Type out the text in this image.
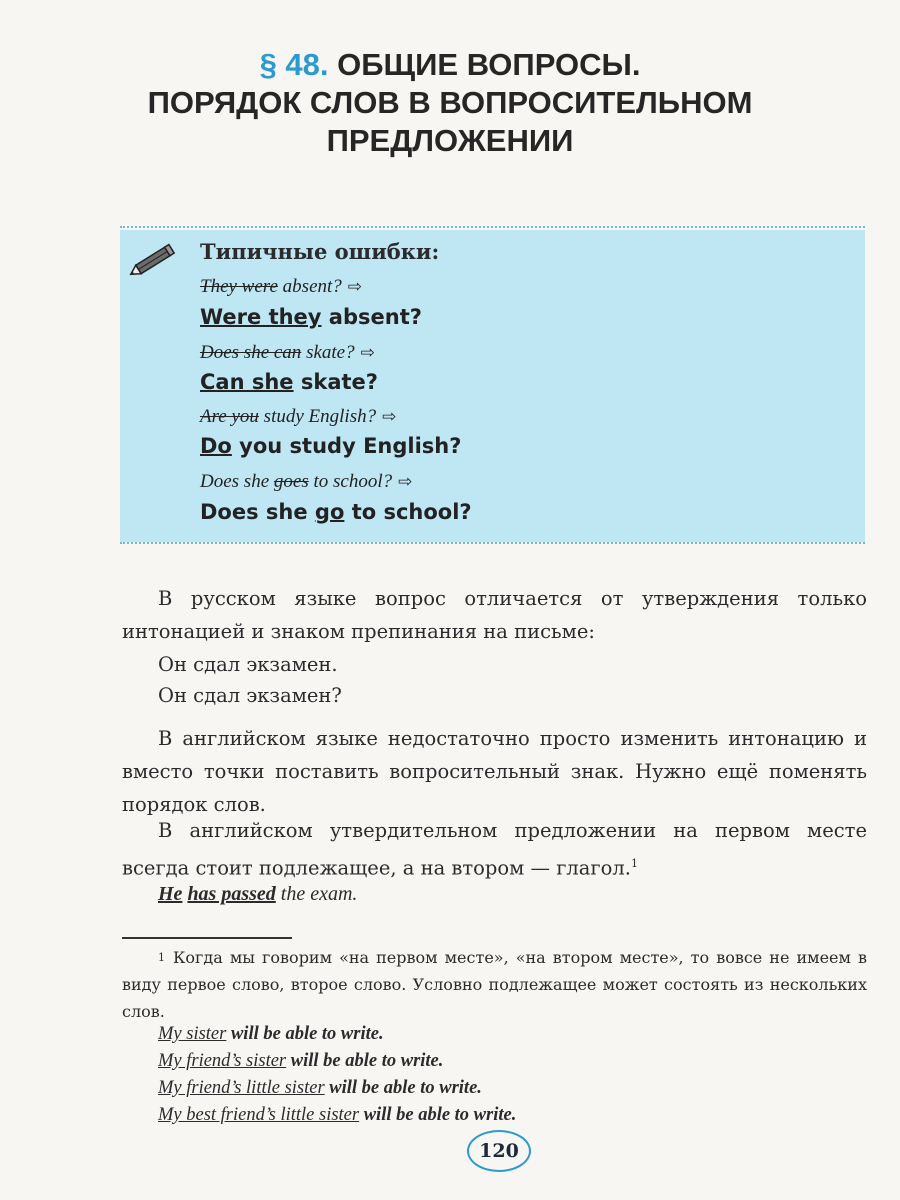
§ 48. ОБЩИЕ ВОПРОСЫ.
ПОРЯДОК СЛОВ В ВОПРОСИТЕЛЬНОМ
ПРЕДЛОЖЕНИИ
Типичные ошибки:
They were absent? ⇨
Were they absent?
Does she can skate? ⇨
Can she skate?
Are you study English? ⇨
Do you study English?
Does she goes to school? ⇨
Does she go to school?
В русском языке вопрос отличается от утверждения только интонацией и знаком препинания на письме:
Он сдал экзамен.
Он сдал экзамен?
В английском языке недостаточно просто изменить интонацию и вместо точки поставить вопросительный знак. Нужно ещё поменять порядок слов.
В английском утвердительном предложении на первом месте всегда стоит подлежащее, а на втором — глагол.$^1$
He has passed the exam.
$^1$ Когда мы говорим «на первом месте», «на втором месте», то вовсе не имеем в виду первое слово, второе слово. Условно подлежащее может состоять из нескольких слов.
My sister will be able to write.
My friend’s sister will be able to write.
My friend’s little sister will be able to write.
My best friend’s little sister will be able to write.
120
